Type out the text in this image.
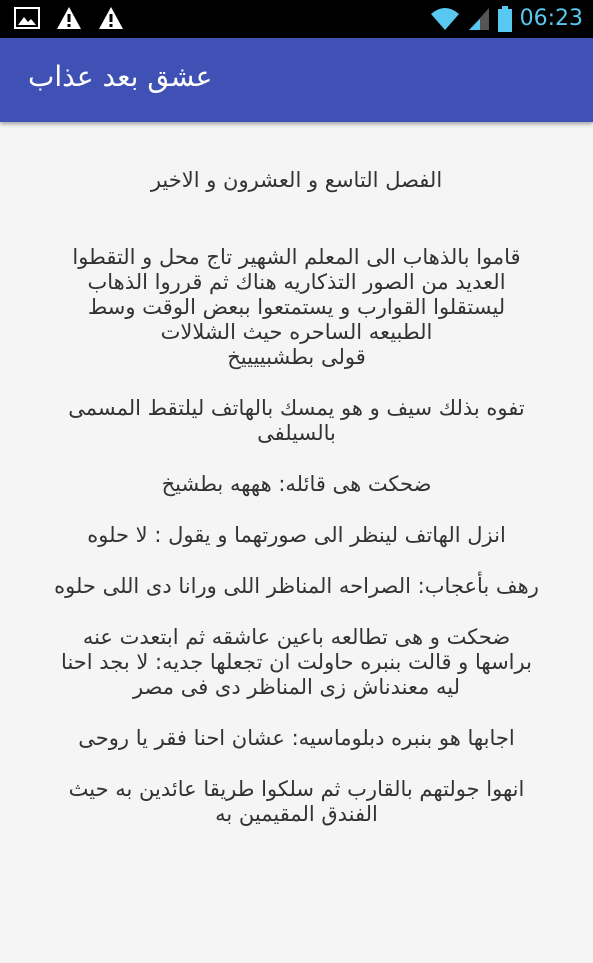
06:23
عشق بعد عذاب
الفصل التاسع و العشرون و الاخير
قاموا بالذهاب الى المعلم الشهير تاج محل و التقطوا
العديد من الصور التذكاريه هناك ثم قرروا الذهاب
ليستقلوا القوارب و يستمتعوا ببعض الوقت وسط
الطبيعه الساحره حيث الشلالات
قولى بطشبييييخ
تفوه بذلك سيف و هو يمسك بالهاتف ليلتقط المسمى
بالسيلفى
ضحكت هى قائله: هههه بطشيخ
انزل الهاتف لينظر الى صورتهما و يقول : لا حلوه
رهف بأعجاب: الصراحه المناظر اللى ورانا دى اللى حلوه
ضحكت و هى تطالعه باعين عاشقه ثم ابتعدت عنه
براسها و قالت بنبره حاولت ان تجعلها جديه: لا بجد احنا
ليه معندناش زى المناظر دى فى مصر
اجابها هو بنبره دبلوماسيه: عشان احنا فقر يا روحى
انهوا جولتهم بالقارب ثم سلكوا طريقا عائدين به حيث
الفندق المقيمين به
